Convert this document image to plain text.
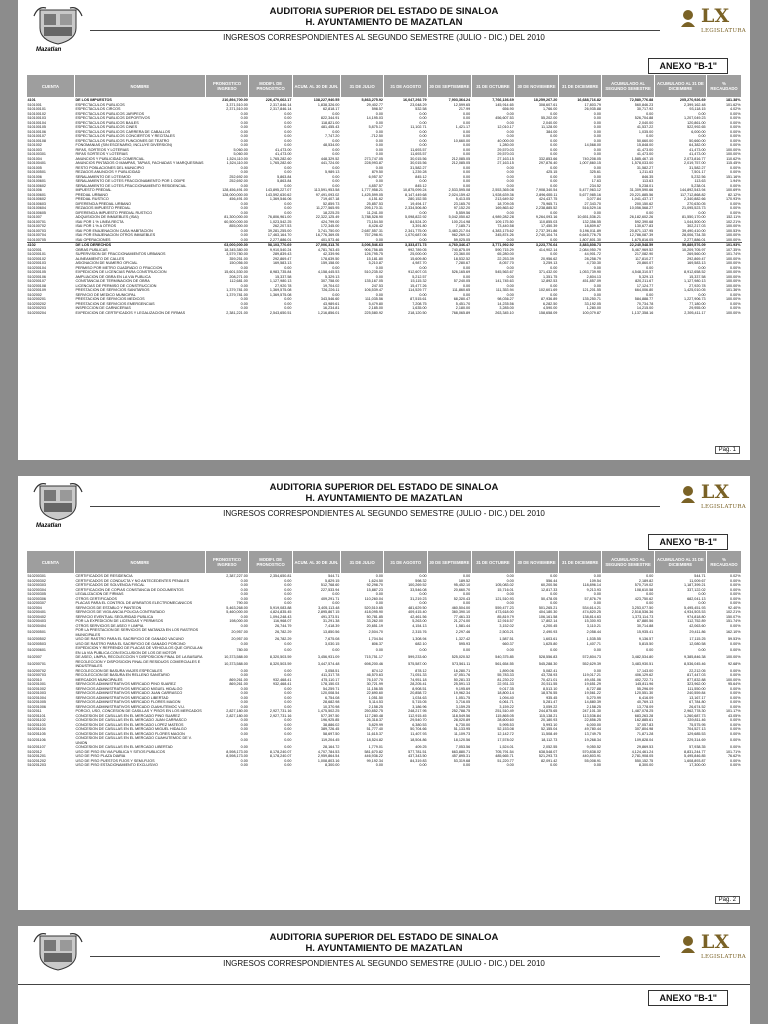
Mazatlan
AUDITORIA SUPERIOR DEL ESTADO DE SINALOA
H. AYUNTAMIENTO DE MAZATLAN
INGRESOS CORRESPONDIENTES AL SEGUNDO SEMESTRE (JULIO - DIC.) DEL 2010
LX
LEGISLATURA
ANEXO "B-1"
CUENTA	NOMBRE	PRONOSTICO INGRESO	MODIFI. DE PRONOSTICO	ACUM. AL 30 DE JUN.	31 DE JULIO	31 DE AGOSTO	30 DE SEPTIEMBRE	31 DE OCTUBRE	30 DE NOVIEMBRE	31 DE DICIEMBRE	ACUMULADO AL SEGUNDO SEMESTRE	ACUMULADO AL 31 DE DICIEMBRE	% RECAUDADO
4101	DE LOS IMPUESTOS	210,894,700.00	226,470,662.17	138,227,940.55	5,863,275.92	16,047,292.79	7,903,364.24	7,766,136.69	18,259,267.20	16,688,716.82	72,580,776.88	205,270,926.69	181.38%
5101001	ESPECTACULOS PUBLICOS	3,371,510.00	2,317,846.14	1,838,326.00	29,402.77	23,048.29	12,599.65	145,914.65	308,607.61	17,803.79	560,846.23	2,399,162.48	101.62%
510100101	ESPECTACULOS CIRCOS	2,371,510.00	2,317,846.14	62,818.17	598.57	532.58	217.99	656.90	1,766.00	26,935.88	30,717.92	93,118.15	4.02%
510100102	ESPECTACULOS PUBLICOS JARIPEOS	0.00	0.00	0.00	0.00	0.00	0.00	0.00	0.00	0.00	0.00	0.00	0.00%
510100103	ESPECTACULOS PUBLICOS DEPORTIVOS	0.00	0.00	822,344.91	14,195.03	0.00	0.00	456,607.53	55,202.00	0.00	526,704.88	1,207,049.23	0.00%
510100104	ESPECTACULOS PUBLICOS BAILES	0.00	0.00	118,821.00	0.00	0.00	0.00	0.00	2,040.00	0.00	2,040.00	120,861.00	0.00%
510100105	ESPECTACULOS PUBLICOS CINES	0.00	0.00	481,455.43	5,875.17	11,102.71	1,421.17	12,010.17	11,128.00	0.00	41,537.22	522,992.65	0.00%
510100106	ESPECTACULOS PUBLICOS CARRERA DE CABALLOS	0.00	0.00	0.00	0.00	0.00	0.00	0.00	384.00	0.00	1,035.00	6,000.00	0.00%
510100107	ESPECTACULOS PUBLICOS CONCIERTOS Y RECITALES	0.00	0.00	7,747.20	-712.50	0.00	0.00	0.00	0.00	0.00	0.00	0.00	0.00%
510100108	ESPECTACULOS PUBLICOS FUNCIONES DE TEATRO	0.00	0.00	0.00	0.00	0.00	10,660.00	40,000.00	0.00	0.00	50,660.00	50,660.00	0.00%
5101002	FONOMANIAS (SIN ESCENARIO, INCLUYE DIVERSION)	0.00	0.00	48,534.00	0.00	0.00	0.00	1,280.00	0.00	14,568.00	15,848.00	64,382.00	0.00%
5101003	RIFAS, SORTEOS Y LOTERIAS	5,060.00	41,473.00	0.00	0.00	11,693.57	0.00	29,570.03	0.00	0.00	41,473.00	41,473.00	100.00%
510100301	RIFAS SORTEOS Y LOTERIAS	5,060.00	41,473.00	0.00	0.00	11,693.57	0.00	29,570.03	0.00	0.00	41,473.00	41,473.00	100.00%
5101004	ANUNCIOS Y PUBLICIDAD COMERCIAL	1,524,110.00	1,765,282.60	448,329.52	273,747.05	30,015.56	212,085.05	27,163.15	332,853.66	740,208.05	1,585,467.15	2,073,816.77	110.62%
510100401	ANUNCIOS PINTADOS O MAMPAS, TAPIAS, FACHADAS Y MARQUESINAS	1,524,110.00	1,765,282.60	441,724.00	228,993.87	30,015.56	212,085.05	27,163.15	297,876.40	1,007,860.15	1,578,033.00	2,019,757.00	115.45%
5101005	RESTO POBLACIONES DEL MUNICIPIO	0.00	0.00	0.00	0.00	31,582.27	0.00	0.00	0.00	0.00	31,582.27	31,582.27	0.00%
510100501	REZAGOS ANUNCIOS Y PUBLICIDAD	0.00	0.00	5,989.13	879.50	1,239.28	0.00	0.00	425.15	325.61	1,211.63	7,501.17	0.00%
5101006	SEÑALAMIENTO DE LOTE/MOD	252,692.00	5,863.84	0.00	6,957.57	845.12	0.00	0.00	0.00	0.00	846.35	5,232.56	151.16%
510100601	SEÑALAMIENTO DE LOTES FRACCIONAMIENTO POR 1 ODIPE	252,692.00	5,863.84	0.00	0.00	0.00	0.00	0.00	0.00	17.63	113.63	113.63	1.94%
510100602	SEÑALAMIENTO DE LOTES-FRACCIONAMIENTO RESIDENCIAL	0.00	0.00	0.00	4,857.57	845.12	0.00	0.00	0.00	234.52	5,238.01	5,238.01	0.00%
5101006	IMPUESTO PREDIAL	128,456,491.00	143,895,227.07	113,591,953.58	1,777,958.21	10,875,099.24	2,533,595.08	2,553,365.08	7,908,340.54	5,477,963.12	31,309,590.66	144,892,543.94	100.69%
510100601	PREDIAL URBANO	128,000,000.00	143,592,630.62	97,491,093.02	1,425,599.05	8,147,449.68	2,024,159.42	1,928,639.36	2,896,655.11	5,677,985.16	20,221,885.56	117,712,868.82	82.12%
510100602	PREDIAL RUSTICO	456,491.00	1,369,546.06	719,407.18	4,151.62	280,152.55	5,413.05	213,649.52	424,437.75	3,077.84	1,041,437.17	2,340,882.66	170.93%
510100603	DIFERENCIA PREDIAL URBANO	0.00	0.00	52,859.73	25,857.53	19,494.17	23,165.70	18,709.05	75,965.71	27,343.70	200,150.62	270,630.05	0.00%
510100604	REZAGOS IMPUESTO PREDIAL	0.00	0.00	11,277,565.95	295,170.31	2,334,506.80	97,152.20	169,863.62	2,238,885.52	516,529.16	10,056,568.27	21,095,523.73	0.00%
510100605	DIFERENCIA IMPUESTO PREDIAL RUSTICO	0.00	0.00	18,225.25	11,241.00	0.00	5,559.56	0.00	0.00	0.00	0.00	0.00	0.00%
5101007	ADQUISICION DE INMUEBLES (ISAI)	81,300,000.00	76,806,961.00	22,322,125.49	3,788,528.90	5,098,822.92	5,042,050.62	4,989,282.28	9,264,093.16	10,651,536.21	26,182,602.26	81,550,170.00	152.11%
510100701	ISAI POR 1 % LINEA RECTA	60,500,000.00	1,023,542.25	424,799.00	73,154.50	84,524.20	100,214.98	109,175.50	110,855.03	132,356.55	592,390.68	1,044,500.00	102.21%
510100702	ISAI POR 1 % A OTROS	855,000.00	262,207.53	172,345.00	8,428.42	3,391.80	7,185.71	73,440.58	17,450.39	18,809.67	130,677.83	302,217.03	100.00%
510100703	ISAI POR ENAJENACION CASA HABITACION	0.00	39,281,255.00	3,741,750.00	2,687,557.31	2,341,775.00	3,483,217.04	4,383,175.62	2,737,391.86	5,196,011.89	20,871,137.95	39,490,410.00	100.53%
510100704	ISAI POR ENAJENACION OTROS INMUEBLES	0.00	17,463,164.70	16,776,369.05	757,298.91	1,070,687.06	962,269.12	345,874.26	2,740,104.74	6,645,776.75	12,786,087.39	28,006,734.35	100.00%
510100705	ISAI OPERACIONES	0.00	2,277,886.01	401,573.46	0.00	0.00	59,025.05	0.00	0.00	1,807,801.30	1,675,816.05	2,277,886.01	100.00%
4102	DE LOS DERECHOS	63,000,000.00	58,103,770.69	27,006,313.76	3,006,546.63	3,333,871.73	4,760,346.47	3,771,992.92	3,223,776.64	3,883,808.73	22,240,548.59	59,889,576.09	101.93%
5102001	OBRAS PUBLICAS	18,345,380.00	9,910,540.24	4,781,763.45	906,756.85	992,789.05	740,875.09	590,715.29	414,902.14	2,084,950.79	5,467,969.52	10,209,705.97	107.35%
510200101	SUPERVISION DE FRACCIONAMIENTOS URBANOS	3,579,780.00	289,839.43	42,339.96	126,795.75	25,000.00	23,360.00	65,280.00	0.00	44,901.72	217,082.90	269,560.00	101.74%
510200102	ALINEAMIENTO DE CALLES	359,251.00	292,869.47	178,639.50	15,181.80	15,609.80	18,532.52	22,253.39	20,956.62	28,258.79	117,810.27	292,869.47	100.00%
510200103	ASIGNACION DE NUMERO OFICIAL	150,056.00	169,583.13	159,158.00	5,210.87	4,987.70	7,280.67	8,057.70	3,259.13	4,730.30	20,860.07	169,583.13	100.00%
510200104	PERMISO POR METRO CUADRADO O FRACCION	0.00	0.00	0.00	0.00	0.00	0.00	0.00	0.00	0.00	0.00	0.00	0.00%
510200105	EXPEDICION DE LICENCIAS PARA CONSTRUCCION	15,601,530.00	8,983,735.84	4,158,445.53	510,235.02	912,607.03	526,165.69	545,563.67	371,432.00	1,053,739.90	4,548,310.57	8,912,658.52	100.00%
510200106	AMPLIACION DE OBRA EN LA VIA PUBLICA	208,271.00	15,337.58	5,329.13	0.00	5,212.57	0.00	0.00	1,351.75	2,804.13	5,329.13	15,337.58	100.00%
510200107	CONSTANCIA DE TERMINACION DE OBRA	112,681.00	1,127,980.13	307,758.00	135,167.05	15,115.32	57,240.05	141,745.63	12,892.53	451,857.09	820,211.67	1,127,980.13	100.00%
510200108	LICENCIAS DE PERMISO DE CONSTRUCCION	0.00	27,920.78	19,704.02	247.53	15,477.26	0.00	0.00	0.00	0.00	17,124.77	27,920.78	100.00%
510200109	PRESTACION DE SERVICIOS SANITARIOS	1,379,781.00	1,369,575.08	726,226.11	106,539.47	114,529.77	111,860.65	111,353.94	102,601.69	121,201.55	664,006.80	1,425,010.05	101.36%
5102002	SERVICIO DE MEDICO MUNICIPAL	1,379,781.00	1,369,575.08	0.00	0.00	0.00	0.00	0.00	0.00	0.00	0.00	0.00	0.00%
510200201	PRESTACION DE SERVICIOS MEDICOS	0.00	0.00	343,546.60	111,035.56	87,515.61	68,280.47	98,036.27	87,936.89	135,250.71	584,888.77	1,227,906.73	100.00%
510200202	PRESTACION DE SERVICIOS EMERGENCIAS	0.00	0.00	43,989.61	5,479.80	7,208.75	5,451.70	14,235.56	6,282.50	33,192.05	70,734.78	77,180.00	0.00%
510200203	INSPECCION DE CARNICERIAS	0.00	0.00	16,234.81	2,185.00	1,635.00	2,180.00	3,285.00	4,590.00	1,280.00	14,215.00	29,955.00	0.00%
510200204	EXPEDICION DE CERTIFICADOS Y LEGALIZACION DE FIRMAS	2,381,221.00	2,543,650.51	1,216,856.01	225,580.92	218,120.50	768,065.89	263,345.10	158,658.09	100,079.87	1,137,358.16	2,395,411.17	100.00%
Pag. 1
Mazatlan
AUDITORIA SUPERIOR DEL ESTADO DE SINALOA
H. AYUNTAMIENTO DE MAZATLAN
INGRESOS CORRESPONDIENTES AL SEGUNDO SEMESTRE (JULIO - DIC.) DEL 2010
LX
LEGISLATURA
ANEXO "B-1"
CUENTA	NOMBRE	PRONOSTICO INGRESO	MODIFI. DE PRONOSTICO	ACUM. AL 30 DE JUN.	31 DE JULIO	31 DE AGOSTO	30 DE SEPTIEMBRE	31 DE OCTUBRE	30 DE NOVIEMBRE	31 DE DICIEMBRE	ACUMULADO AL SEGUNDO SEMESTRE	ACUMULADO AL 31 DE DICIEMBRE	% RECAUDADO
510200301	CERTIFICADOS DE RESIDENCIA	2,387,227.00	2,354,650.81	544.71	0.00	0.00	0.00	0.00	0.00	0.00	0.00	544.71	0.02%
510200302	CERTIFICADOS DE CONDUCTA Y NO ANTECEDENTES PENALES	0.00	0.00	5,829.15	1,624.50	598.32	189.52	0.00	556.44	109.54	2,189.82	11,009.67	0.00%
510200303	CERTIFICADOS DE SOLVENCIA FISCAL	0.00	0.00	512,768.60	92,298.70	100,269.52	95,452.10	105,083.02	60,200.56	118,896.14	570,719.02	1,187,399.21	0.00%
510200304	CERTIFICACION DE COPIAS CONSTANCIA DE DOCUMENTOS	0.00	0.00	227,533.94	15,887.23	33,546.08	20,660.70	15,716.01	12,817.33	9,213.93	108,610.58	337,122.02	0.00%
510200305	LEGALIZACION DE FIRMAS	0.00	0.00	0.00	0.00	0.00	0.00	0.00	0.00	0.00	0.00	0.00	0.00%
510200306	OTROS CERTIFICADOS	0.00	0.00	409,291.71	110,260.04	31,219.23	52,320.43	121,510.93	50,478.05	57,876.79	423,750.62	682,041.13	0.00%
510200307	PLACAS PARA EL CONTROL DE APARATOS ELECTROMECANICOS	790.00	0.00	0.00	0.00	0.00	0.00	0.00	0.00	0.00	0.00	0.00	0.00%
5102004	SERVICIOS DE ESTABLO Y PANTEON	5,463,268.00	5,919,083.88	3,405,113.48	520,510.65	481,629.50	460,504.00	559,477.23	501,265.21	534,614.21	3,253,077.50	5,495,451.93	92.40%
510200401	SERVICIOS DE VIGILANCIA POLICIA CONTRATADO	5,460,000.00	4,824,835.45	2,895,867.15	418,095.90	409,415.40	360,390.10	473,618.00	404,180.30	474,820.25	2,518,536.36	4,934,503.53	102.21%
510200402	SERVICIO EVENTUAL SEGURIDAD PUBLICA	0.00	1,094,248.43	491,373.51	50,781.85	42,461.56	77,461.33	85,819.79	106,161.58	138,814.63	1,373,114.73	974,818.80	150.07%
510200403	POR LA EXPEDICION DE LICENCIAS Y PERMISOS	198,000.00	116,968.07	31,291.38	33,262.00	5,263.00	21,274.00	12,916.57	17,802.14	15,300.93	87,880.56	112,752.89	151.74%
510200404	OTROS SERVICIOS DE ASEO Y LIMPIA	0.00	26,744.79	7,418.39	20,651.19	4,154.13	1,581.44	3,152.02	4,200.45	3,110.21	30,714.88	42,063.60	0.00%
510200501	POR LA PRESTACION DE SERVICIOS DE MATANZA EN LOS RASTROS MUNICIPALES	20,957.00	26,782.29	13,850.56	2,504.70	2,315.76	2,297.46	2,503.21	2,490.93	2,058.44	15,935.41	29,411.86	162.10%
510200502	USO DE RASTRO PARA EL SACRIFICIO DE GANADO VACUNO	20,957.00	26,782.29	7,675.08	1,704.54	1,308.94	1,327.42	1,587.51	1,603.61	1,535.55	9,136.57	17,115.25	59.53%
510200503	USO DE RASTRO PARA EL SACRIFICIO DE GANADO PORCINO	0.00	0.00	3,030.15	806.37	682.10	595.93	660.37	1,625.80	1,407.71	5,815.50	12,080.58	0.00%
510200601	EXPEDICION Y REFRENDO DE PLACAS DE VEHICULOS QUE CIRCULAN EN LA VIA PUBLICA CON EXCLUSION DE LOS DE MOTOR	780.00	0.00	0.00	0.00	0.00	0.00	0.00	0.00	0.00	0.00	0.00	0.00%
5102007	DE ASEO, LIMPIA, RECOLECCION Y DISPOSICION FINAL DE LA BASURA	10,373,588.00	8,320,503.59	3,456,931.09	715,751.17	599,233.60	525,020.52	540,375.85	528,556.83	572,804.73	3,482,534.80	9,385,846.38	100.00%
510200701	RECOLECCION Y DISPOSICION FINAL DE RESIDUOS COMERCIALES E INDUSTRIALES	10,373,588.00	8,320,503.59	3,447,574.48	698,200.46	575,587.00	573,561.11	561,654.55	545,288.30	552,629.39	3,483,930.51	8,536,045.46	92.68%
510200702	RECOLECCION DE BASURA VIAJES ESPECIALES	0.00	0.00	3,058.51	874.12	878.12	16,280.71	1,890.06	5,082.41	0.00	17,143.00	22,212.05	0.00%
510200703	RECOLECCION DE BASURA EN RELLENO SANITARIO	0.00	0.00	411,317.78	46,570.63	71,051.33	47,051.76	55,783.33	43,728.93	119,017.21	406,129.62	817,447.03	0.00%
5102010	MERCADOS MUNICIPALES	869,261.00	932,468.41	475,110.17	76,107.70	74,951.18	50,281.33	81,230.22	70,421.01	49,451.06	402,722.71	877,832.88	100.00%
510201001	SERVICIOS ADMINISTRATIVOS MERCADO PINO SUAREZ	869,261.00	932,468.41	178,150.03	30,721.99	28,205.41	25,591.13	22,931.33	20,511.55	19,651.29	145,811.96	323,962.00	95.64%
510201002	SERVICIOS ADMINISTRATIVOS MERCADO MIGUEL HIDALGO	0.00	0.00	54,259.71	11,156.55	8,908.51	9,195.69	9,017.35	8,513.10	8,727.88	55,296.09	111,550.00	0.00%
510201003	SERVICIOS ADMINISTRATIVOS MERCADO JUAN CARRASCO	0.00	0.00	120,008.54	22,690.60	20,858.72	19,962.34	18,800.14	18,576.55	19,561.22	120,551.30	240,559.84	0.00%
510201004	SERVICIOS ADMINISTRATIVOS MERCADO LIBERTAD	0.00	0.00	6,754.08	1,051.50	1,034.63	1,051.75	1,094.40	935.45	5,270.99	6,416.09	13,167.17	0.00%
510201005	SERVICIOS ADMINISTRATIVOS MERCADO FLORES MAGON	0.00	0.00	28,682.98	5,114.53	5,715.05	3,716.05	6,061.71	5,281.47	14,880.39	40,769.13	67,784.80	0.00%
510201006	SERVICIOS ADMINISTRATIVOS MERCADO CUAHUTEMOC V.U.	0.00	0.00	10,370.98	2,158.25	3,186.96	3,159.25	3,159.22	3,059.22	2,158.25	13,778.09	26,674.52	0.00%
5102011	PORCIO, USO, CONCESION DE CASILLAS Y PISOS EN LOS MERCADOS	2,827,180.00	2,927,731.16	1,475,502.25	250,852.75	248,217.95	252,788.75	251,510.49	244,875.65	247,101.30	1,487,078.25	2,962,778.30	101.17%
510201101	CONCESION DE CASILLAS EN EL MERCADO PINO SUAREZ	2,827,180.00	2,927,731.16	577,397.50	117,280.48	112,915.45	118,549.56	115,865.05	115,138.21	113,536.84	683,263.28	1,260,687.73	43.05%
510201102	CONCESION DE CASILLAS EN EL MERCADO JUAN CARRASCO	0.00	0.00	196,925.85	26,318.37	29,540.70	28,020.89	28,600.60	20,180.93	22,856.25	162,885.61	339,811.46	0.00%
510201103	CONCESION DE CASILLAS EN EL MERCADO LOPEZ MATEOS	0.00	0.00	38,886.02	5,829.99	6,380.53	6,730.00	5,995.53	5,993.10	6,000.00	37,057.83	75,575.95	0.00%
510201104	CONCESION DE CASILLAS EN EL MERCADO MIGUEL HIDALGO	0.00	0.00	389,726.45	51,777.40	50,704.66	51,133.95	52,153.08	52,155.04	49,780.44	307,804.98	704,527.13	0.00%
510201105	CONCESION DE CASILLAS EN EL MERCADO FLORES MAGON	0.00	0.00	58,697.50	11,615.37	11,407.93	11,109.73	12,142.72	11,508.49	13,749.75	71,871.28	129,685.53	0.00%
510201106	CONCESION DE CASILLAS EN EL MERCADO CUAHUTEMOC DE V. UNION	0.00	0.00	119,204.45	18,524.82	18,504.86	18,120.56	17,578.02	18,112.73	19,268.34	109,828.04	229,314.69	0.00%
510201107	CONCESION DE CASILLAS EN EL MERCADO LIBERTAD	0.00	0.00	28,164.72	1,779.01	409.25	7,053.56	1,524.01	2,052.55	9,050.52	29,869.53	57,938.35	0.00%
5102012	USO DE PISO EN VIA PUBLICA Y SITIOS PUBLICOS	8,598,173.00	8,178,240.07	4,707,784.53	581,670.82	577,781.51	663,880.71	705,791.54	638,548.07	570,838.02	4,124,461.24	8,831,244.77	101.71%
510201201	USO DE PISO PLAZA DIARIA	8,598,173.00	8,178,240.07	2,959,864.54	446,936.22	437,343.50	457,895.31	485,665.71	521,293.73	440,803.91	2,781,908.05	5,495,846.85	76.62%
510201202	USO DE PISO PUESTOS FIJOS Y SEMI-FIJOS	0.00	0.00	1,008,803.16	99,192.34	84,319.83	53,319.68	51,220.77	82,091.42	55,008.91	550,152.75	1,608,893.87	0.00%
510201203	USO DE PISO ESTACIONAMIENTO EXCLUSIVO	0.00	0.00	8,300.00	0.00	0.00	0.00	0.00	0.00	0.00	8,300.00	17,300.00	0.00%
Pag. 2
AUDITORIA SUPERIOR DEL ESTADO DE SINALOA
H. AYUNTAMIENTO DE MAZATLAN
INGRESOS CORRESPONDIENTES AL SEGUNDO SEMESTRE (JULIO - DIC.) DEL 2010
LX
LEGISLATURA
ANEXO "B-1"
